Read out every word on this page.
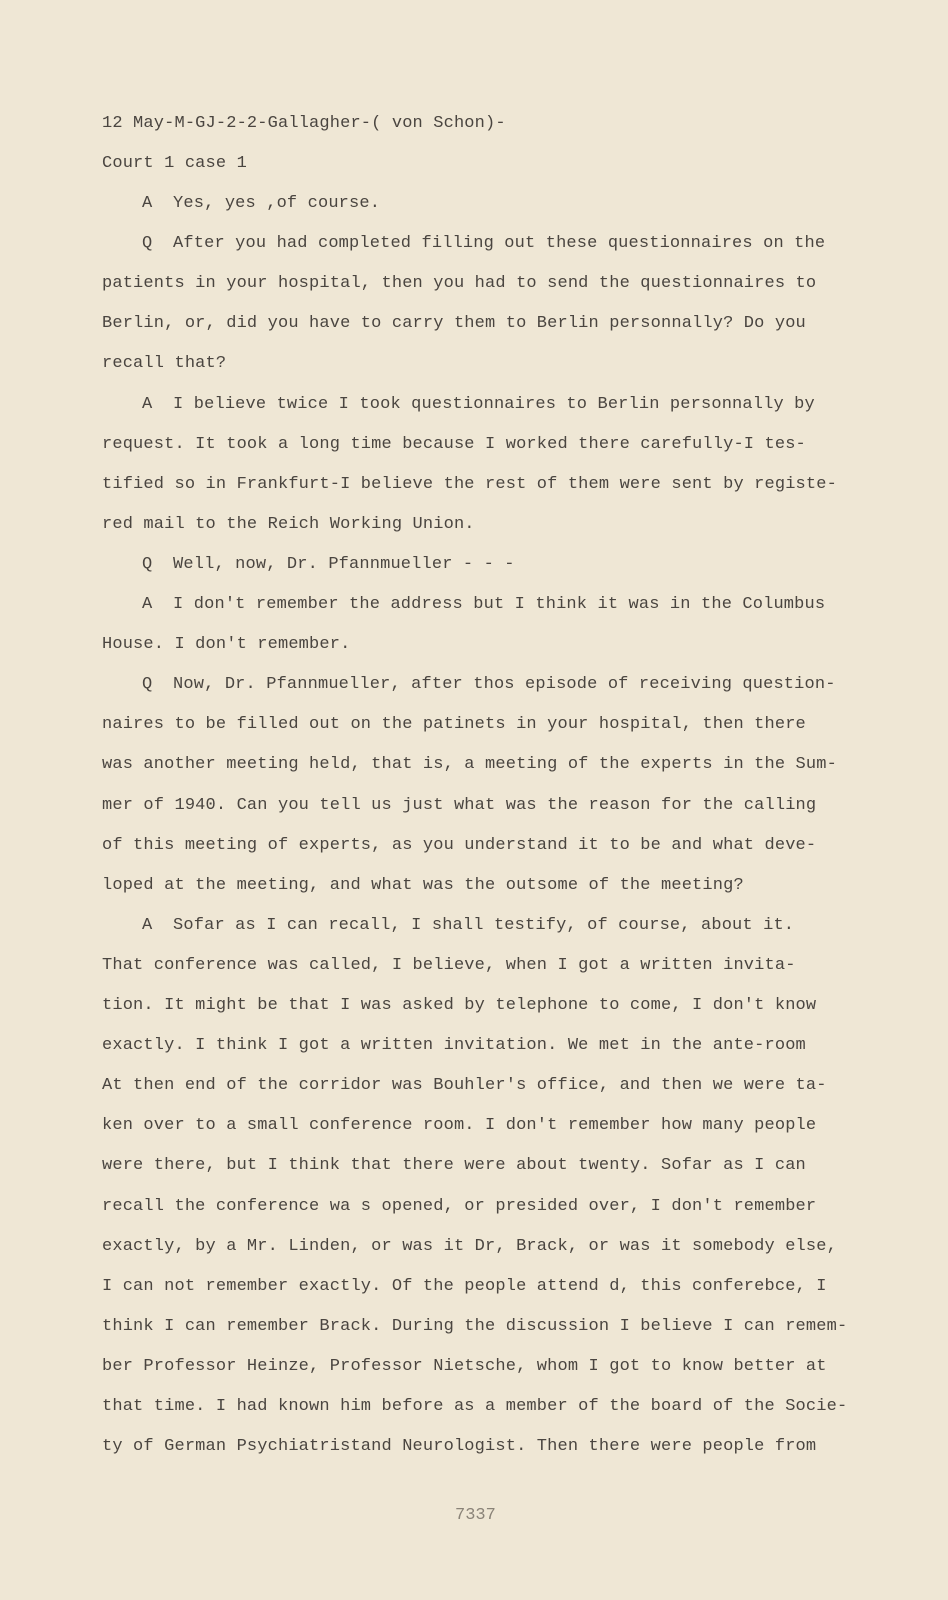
12 May-M-GJ-2-2-Gallagher-( von Schon)-
Court 1 case 1
A  Yes, yes ,of course.
Q  After you had completed filling out these questionnaires on the
patients in your hospital, then you had to send the questionnaires to
Berlin, or, did you have to carry them to Berlin personnally? Do you
recall that?
A  I believe twice I took questionnaires to Berlin personnally by
request. It took a long time because I worked there carefully-I tes-
tified so in Frankfurt-I believe the rest of them were sent by registe-
red mail to the Reich Working Union.
Q  Well, now, Dr. Pfannmueller - - -
A  I don't remember the address but I think it was in the Columbus
House. I don't remember.
Q  Now, Dr. Pfannmueller, after thos episode of receiving question-
naires to be filled out on the patinets in your hospital, then there
was another meeting held, that is, a meeting of the experts in the Sum-
mer of 1940. Can you tell us just what was the reason for the calling
of this meeting of experts, as you understand it to be and what deve-
loped at the meeting, and what was the outsome of the meeting?
A  Sofar as I can recall, I shall testify, of course, about it.
That conference was called, I believe, when I got a written invita-
tion. It might be that I was asked by telephone to come, I don't know
exactly. I think I got a written invitation. We met in the ante-room
At then end of the corridor was Bouhler's office, and then we were ta-
ken over to a small conference room. I don't remember how many people
were there, but I think that there were about twenty. Sofar as I can
recall the conference wa s opened, or presided over, I don't remember
exactly, by a Mr. Linden, or was it Dr, Brack, or was it somebody else,
I can not remember exactly. Of the people attend d, this conferebce, I
think I can remember Brack. During the discussion I believe I can remem-
ber Professor Heinze, Professor Nietsche, whom I got to know better at
that time. I had known him before as a member of the board of the Socie-
ty of German Psychiatristand Neurologist. Then there were people from
7337
